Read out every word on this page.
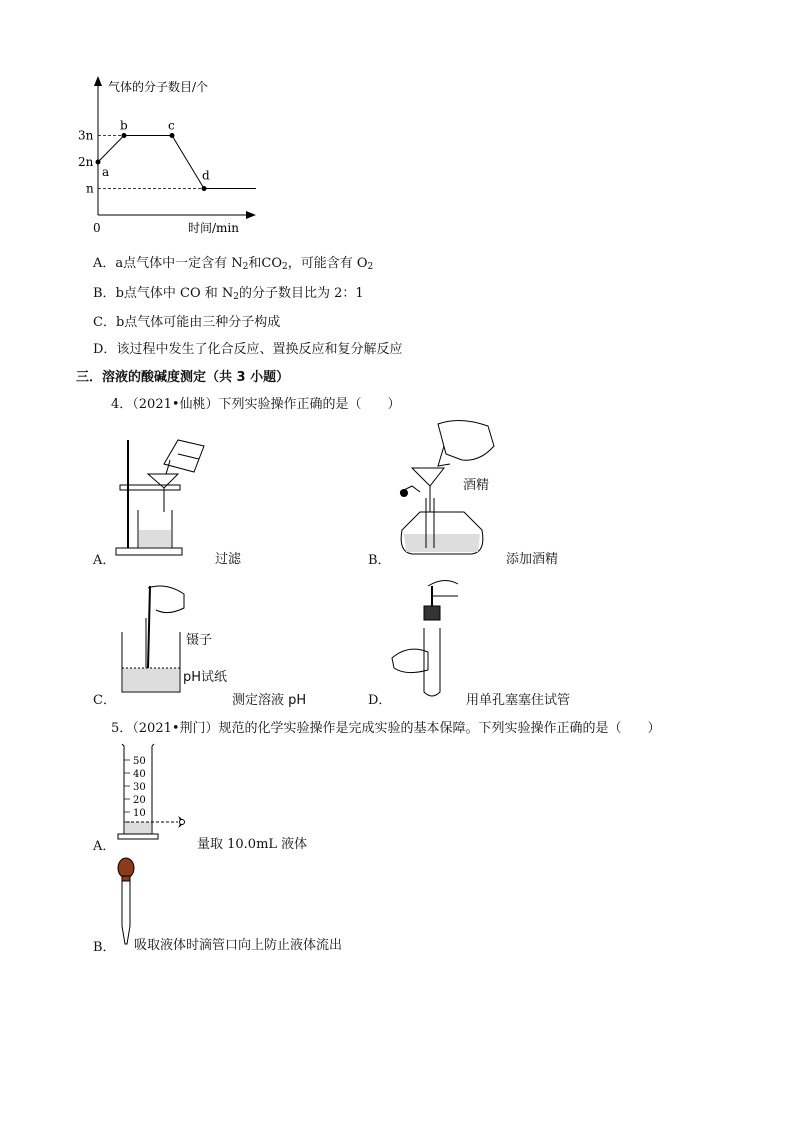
a
b	c
d
3n
2n
n
0
气体的分子数目/个
时间/min
A．a点气体中一定含有 $N_2$和$CO_2$，可能含有 $O_2$
B．b点气体中 CO 和 $N_2$的分子数目比为 2：1
C．b点气体可能由三种分子构成
D．该过程中发生了化合反应、置换反应和复分解反应
三．溶液的酸碱度测定（共 3 小题）
4．（2021•仙桃）下列实验操作正确的是（　　）
A．	过滤	B．
酒精
添加酒精
C．
镊子
pH试纸
测定溶液 pH	D．	用单孔塞塞住试管
5．（2021•荆门）规范的化学实验操作是完成实验的基本保障。下列实验操作正确的是（　　）
A．
50
40
30
20
10
量取 10.0mL 液体
B． 吸取液体时滴管口向上防止液体流出
